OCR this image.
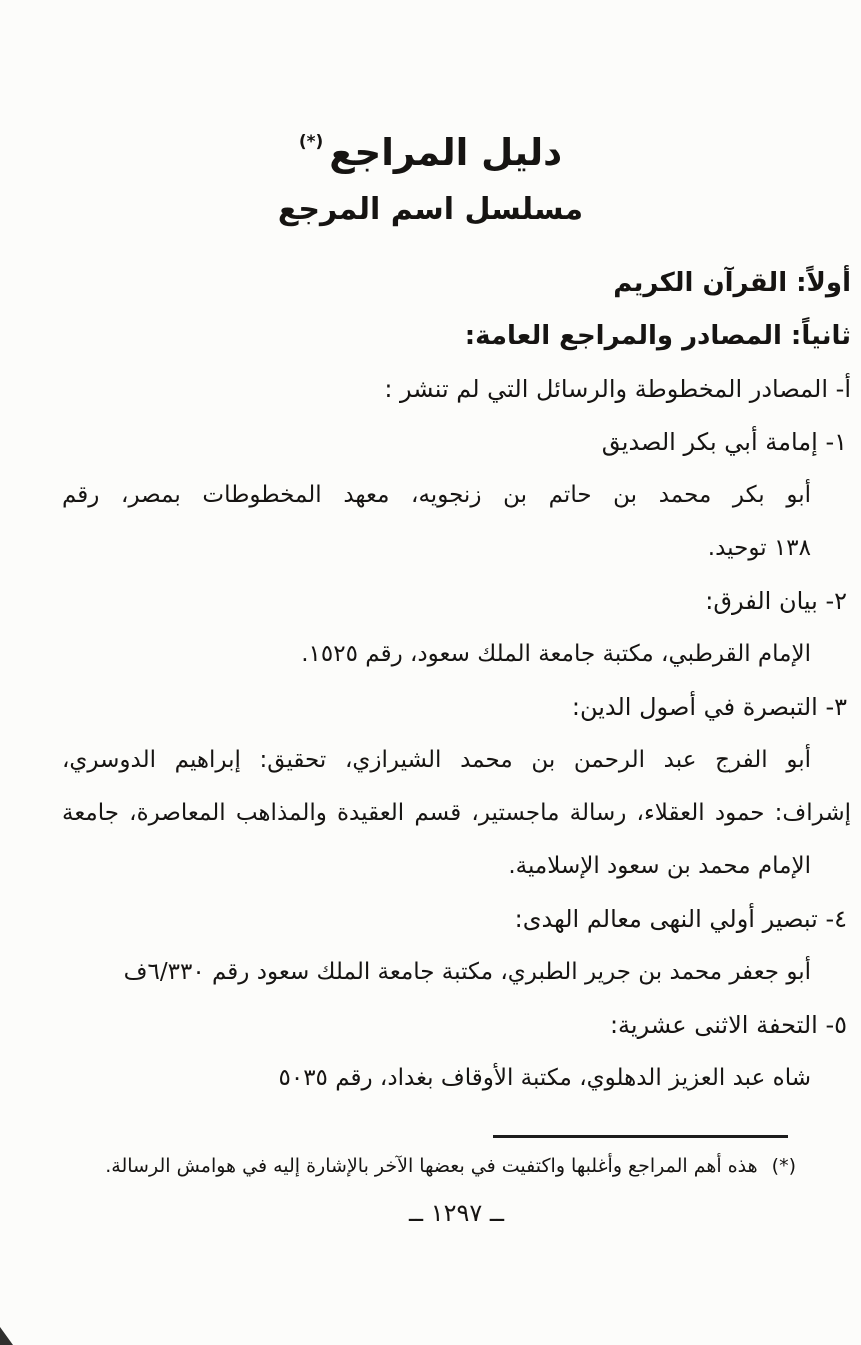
دليل المراجع(*)
مسلسل اسم المرجع
أولاً: القرآن الكريم
ثانياً: المصادر والمراجع العامة:
أ- المصادر المخطوطة والرسائل التي لم تنشر :
١- إمامة أبي بكر الصديق
أبو بكر محمد بن حاتم بن زنجويه، معهد المخطوطات بمصر، رقم
١٣٨ توحيد.
٢- بيان الفرق:
الإمام القرطبي، مكتبة جامعة الملك سعود، رقم ١٥٢٥.
٣- التبصرة في أصول الدين:
أبو الفرج عبد الرحمن بن محمد الشيرازي، تحقيق: إبراهيم الدوسري،
إشراف: حمود العقلاء، رسالة ماجستير، قسم العقيدة والمذاهب المعاصرة، جامعة
الإمام محمد بن سعود الإسلامية.
٤- تبصير أولي النهى معالم الهدى:
أبو جعفر محمد بن جرير الطبري، مكتبة جامعة الملك سعود رقم ٦/٣٣٠ف
٥- التحفة الاثنى عشرية:
شاه عبد العزيز الدهلوي، مكتبة الأوقاف بغداد، رقم ٥٠٣٥
(*)هذه أهم المراجع وأغلبها واكتفيت في بعضها الآخر بالإشارة إليه في هوامش الرسالة.
ــ ١٢٩٧ ــ
